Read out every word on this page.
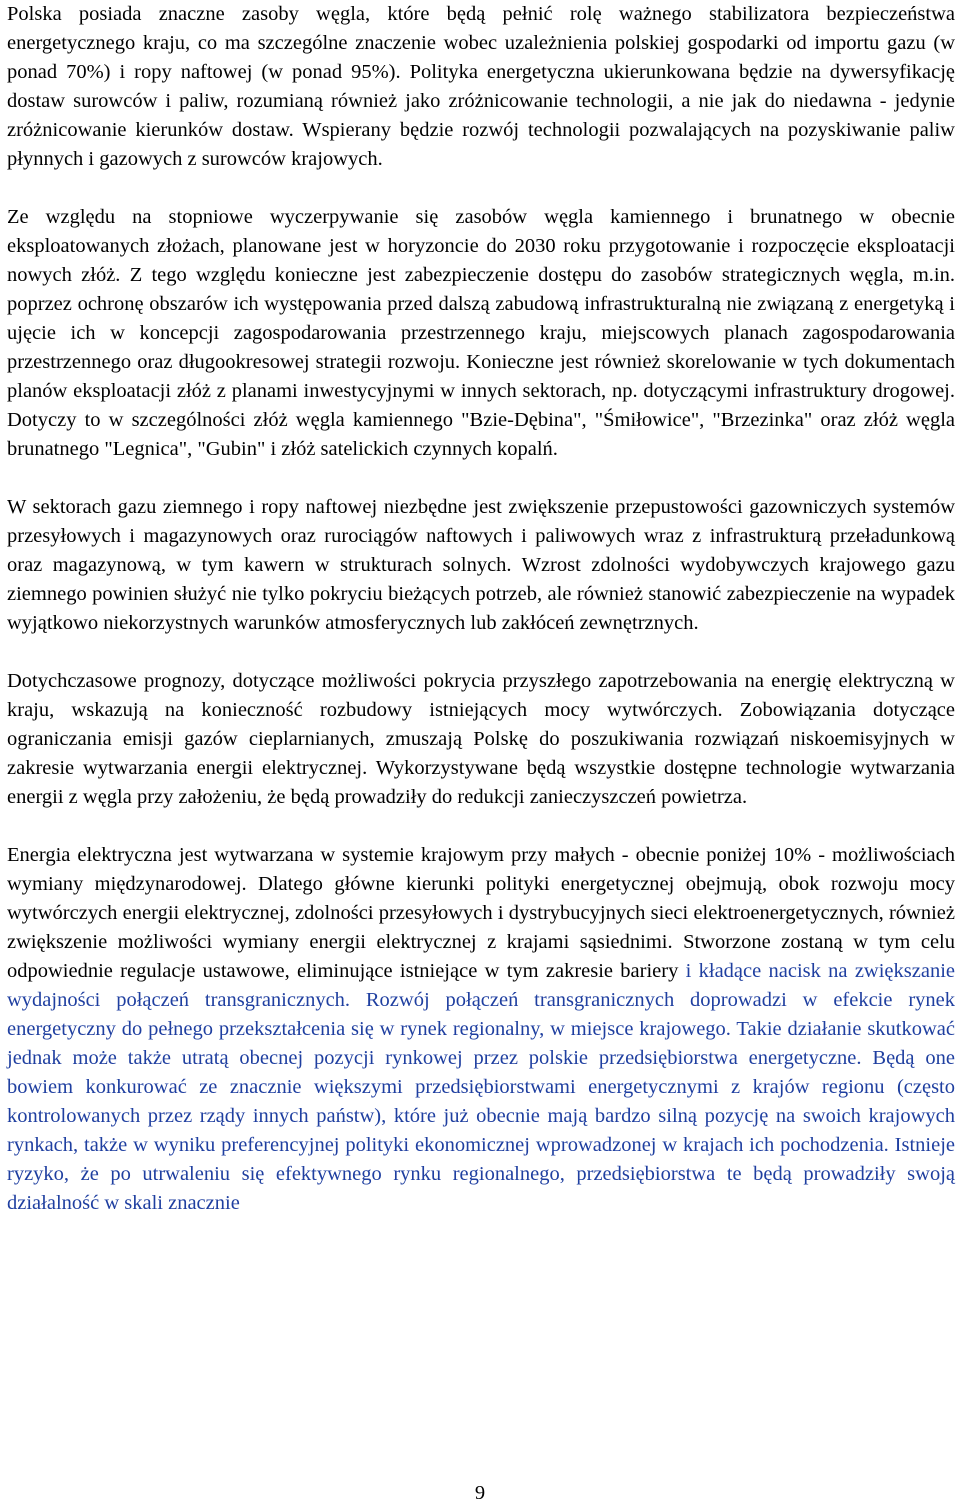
Polska posiada znaczne zasoby węgla, które będą pełnić rolę ważnego stabilizatora bezpieczeństwa energetycznego kraju, co ma szczególne znaczenie wobec uzależnienia polskiej gospodarki od importu gazu (w ponad 70%) i ropy naftowej (w ponad 95%). Polityka energetyczna ukierunkowana będzie na dywersyfikację dostaw surowców i paliw, rozumianą również jako zróżnicowanie technologii, a nie jak do niedawna - jedynie zróżnicowanie kierunków dostaw. Wspierany będzie rozwój technologii pozwalających na pozyskiwanie paliw płynnych i gazowych z surowców krajowych.

Ze względu na stopniowe wyczerpywanie się zasobów węgla kamiennego i brunatnego w obecnie eksploatowanych złożach, planowane jest w horyzoncie do 2030 roku przygotowanie i rozpoczęcie eksploatacji nowych złóż. Z tego względu konieczne jest zabezpieczenie dostępu do zasobów strategicznych węgla, m.in. poprzez ochronę obszarów ich występowania przed dalszą zabudową infrastrukturalną nie związaną z energetyką i ujęcie ich w koncepcji zagospodarowania przestrzennego kraju, miejscowych planach zagospodarowania przestrzennego oraz długookresowej strategii rozwoju. Konieczne jest również skorelowanie w tych dokumentach planów eksploatacji złóż z planami inwestycyjnymi w innych sektorach, np. dotyczącymi infrastruktury drogowej. Dotyczy to w szczególności złóż węgla kamiennego "Bzie-Dębina", "Śmiłowice", "Brzezinka" oraz złóż węgla brunatnego "Legnica", "Gubin" i złóż satelickich czynnych kopalń.

W sektorach gazu ziemnego i ropy naftowej niezbędne jest zwiększenie przepustowości gazowniczych systemów przesyłowych i magazynowych oraz rurociągów naftowych i paliwowych wraz z infrastrukturą przeładunkową oraz magazynową, w tym kawern w strukturach solnych. Wzrost zdolności wydobywczych krajowego gazu ziemnego powinien służyć nie tylko pokryciu bieżących potrzeb, ale również stanowić zabezpieczenie na wypadek wyjątkowo niekorzystnych warunków atmosferycznych lub zakłóceń zewnętrznych.

Dotychczasowe prognozy, dotyczące możliwości pokrycia przyszłego zapotrzebowania na energię elektryczną w kraju, wskazują na konieczność rozbudowy istniejących mocy wytwórczych. Zobowiązania dotyczące ograniczania emisji gazów cieplarnianych, zmuszają Polskę do poszukiwania rozwiązań niskoemisyjnych w zakresie wytwarzania energii elektrycznej. Wykorzystywane będą wszystkie dostępne technologie wytwarzania energii z węgla przy założeniu, że będą prowadziły do redukcji zanieczyszczeń powietrza.

Energia elektryczna jest wytwarzana w systemie krajowym przy małych - obecnie poniżej 10% - możliwościach wymiany międzynarodowej. Dlatego główne kierunki polityki energetycznej obejmują, obok rozwoju mocy wytwórczych energii elektrycznej, zdolności przesyłowych i dystrybucyjnych sieci elektroenergetycznych, również zwiększenie możliwości wymiany energii elektrycznej z krajami sąsiednimi. Stworzone zostaną w tym celu odpowiednie regulacje ustawowe, eliminujące istniejące w tym zakresie bariery i kładące nacisk na zwiększanie wydajności połączeń transgranicznych. Rozwój połączeń transgranicznych doprowadzi w efekcie rynek energetyczny do pełnego przekształcenia się w rynek regionalny, w miejsce krajowego. Takie działanie skutkować jednak może także utratą obecnej pozycji rynkowej przez polskie przedsiębiorstwa energetyczne. Będą one bowiem konkurować ze znacznie większymi przedsiębiorstwami energetycznymi z krajów regionu (często kontrolowanych przez rządy innych państw), które już obecnie mają bardzo silną pozycję na swoich krajowych rynkach, także w wyniku preferencyjnej polityki ekonomicznej wprowadzonej w krajach ich pochodzenia. Istnieje ryzyko, że po utrwaleniu się efektywnego rynku regionalnego, przedsiębiorstwa te będą prowadziły swoją działalność w skali znacznie

9
